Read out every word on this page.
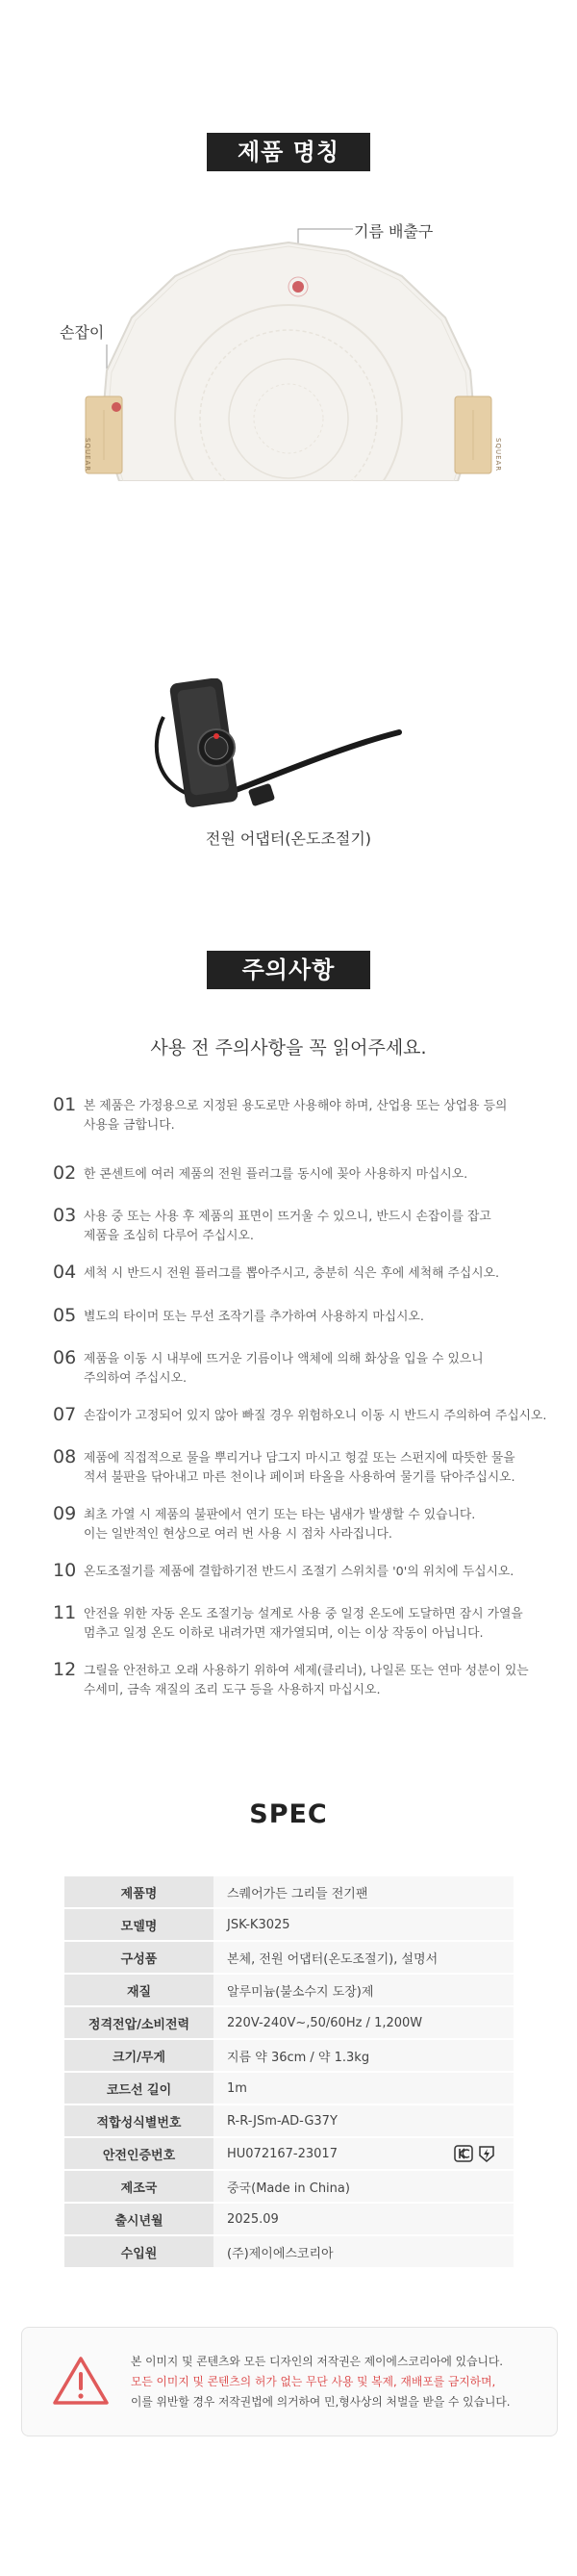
제품 명칭
기름 배출구
손잡이
SQUEAR	SQUEAR
전원 어댑터(온도조절기)
주의사항
사용 전 주의사항을 꼭 읽어주세요.
01 본 제품은 가정용으로 지정된 용도로만 사용해야 하며, 산업용 또는 상업용 등의
사용을 금합니다.
02 한 콘센트에 여러 제품의 전원 플러그를 동시에 꽂아 사용하지 마십시오.
03 사용 중 또는 사용 후 제품의 표면이 뜨거울 수 있으니, 반드시 손잡이를 잡고
제품을 조심히 다루어 주십시오.
04 세척 시 반드시 전원 플러그를 뽑아주시고, 충분히 식은 후에 세척해 주십시오.
05 별도의 타이머 또는 무선 조작기를 추가하여 사용하지 마십시오.
06 제품을 이동 시 내부에 뜨거운 기름이나 액체에 의해 화상을 입을 수 있으니
주의하여 주십시오.
07 손잡이가 고정되어 있지 않아 빠질 경우 위험하오니 이동 시 반드시 주의하여 주십시오.
08 제품에 직접적으로 물을 뿌리거나 담그지 마시고 헝겊 또는 스펀지에 따뜻한 물을
적셔 불판을 닦아내고 마른 천이나 페이퍼 타올을 사용하여 물기를 닦아주십시오.
09 최초 가열 시 제품의 불판에서 연기 또는 타는 냄새가 발생할 수 있습니다.
이는 일반적인 현상으로 여러 번 사용 시 점차 사라집니다.
10 온도조절기를 제품에 결합하기전 반드시 조절기 스위치를 '0'의 위치에 두십시오.
11 안전을 위한 자동 온도 조절기능 설계로 사용 중 일정 온도에 도달하면 잠시 가열을
멈추고 일정 온도 이하로 내려가면 재가열되며, 이는 이상 작동이 아닙니다.
12 그릴을 안전하고 오래 사용하기 위하여 세제(클리너), 나일론 또는 연마 성분이 있는
수세미, 금속 재질의 조리 도구 등을 사용하지 마십시오.
SPEC
제품명	스퀘어가든 그리들 전기팬
모델명	JSK-K3025
구성품	본체, 전원 어댑터(온도조절기), 설명서
재질	알루미늄(불소수지 도장)제
정격전압/소비전력	220V-240V~,50/60Hz / 1,200W
크기/무게	지름 약 36cm / 약 1.3kg
코드선 길이	1m
적합성식별번호	R-R-JSm-AD-G37Y
안전인증번호	HU072167-23017

제조국	중국(Made in China)
출시년월	2025.09
수입원	(주)제이에스코리아
본 이미지 및 콘텐츠와 모든 디자인의 저작권은 제이에스코리아에 있습니다.
모든 이미지 및 콘텐츠의 허가 없는 무단 사용 및 복제, 재배포를 금지하며,
이를 위반할 경우 저작권법에 의거하여 민,형사상의 처벌을 받을 수 있습니다.
